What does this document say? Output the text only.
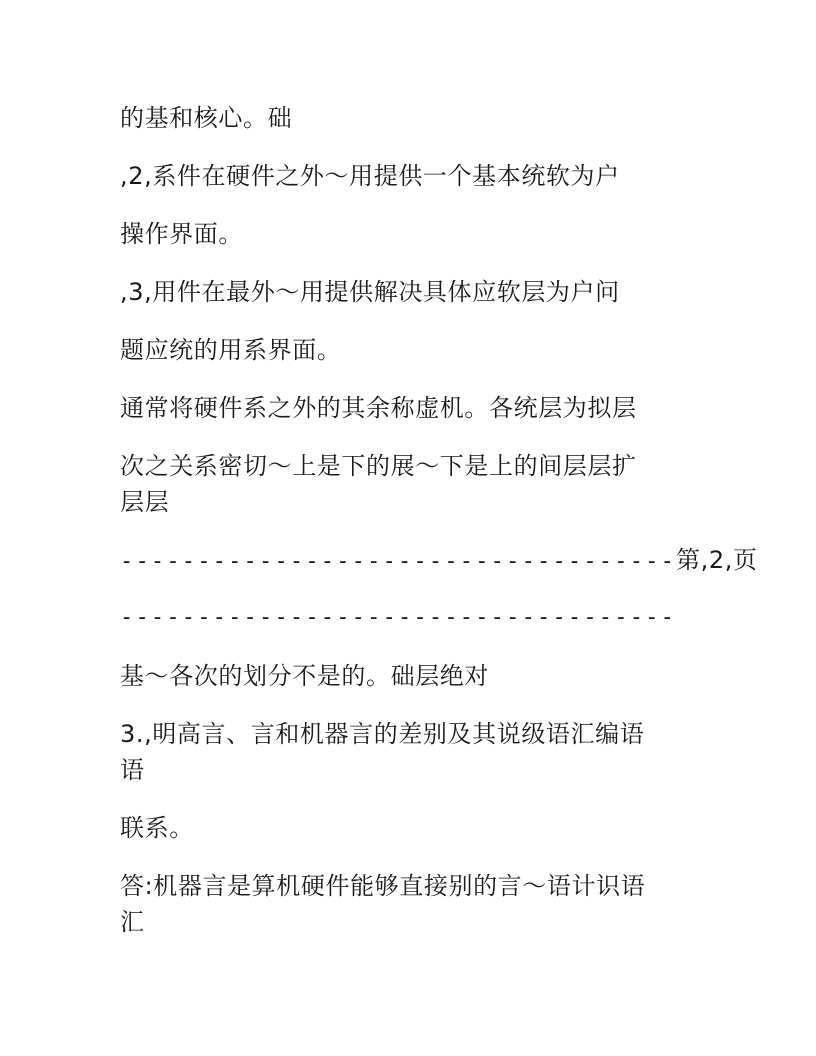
的基和核心。础
,2,系件在硬件之外～用提供一个基本统软为户
操作界面。
,3,用件在最外～用提供解决具体应软层为户问
题应统的用系界面。
通常将硬件系之外的其余称虚机。各统层为拟层
次之关系密切～上是下的展～下是上的间层层扩
层层
------------------------------------第,2,页
------------------------------------
基～各次的划分不是的。础层绝对
3.,明高言、言和机器言的差别及其说级语汇编语
语
联系。
答:机器言是算机硬件能够直接别的言～语计识语
汇
